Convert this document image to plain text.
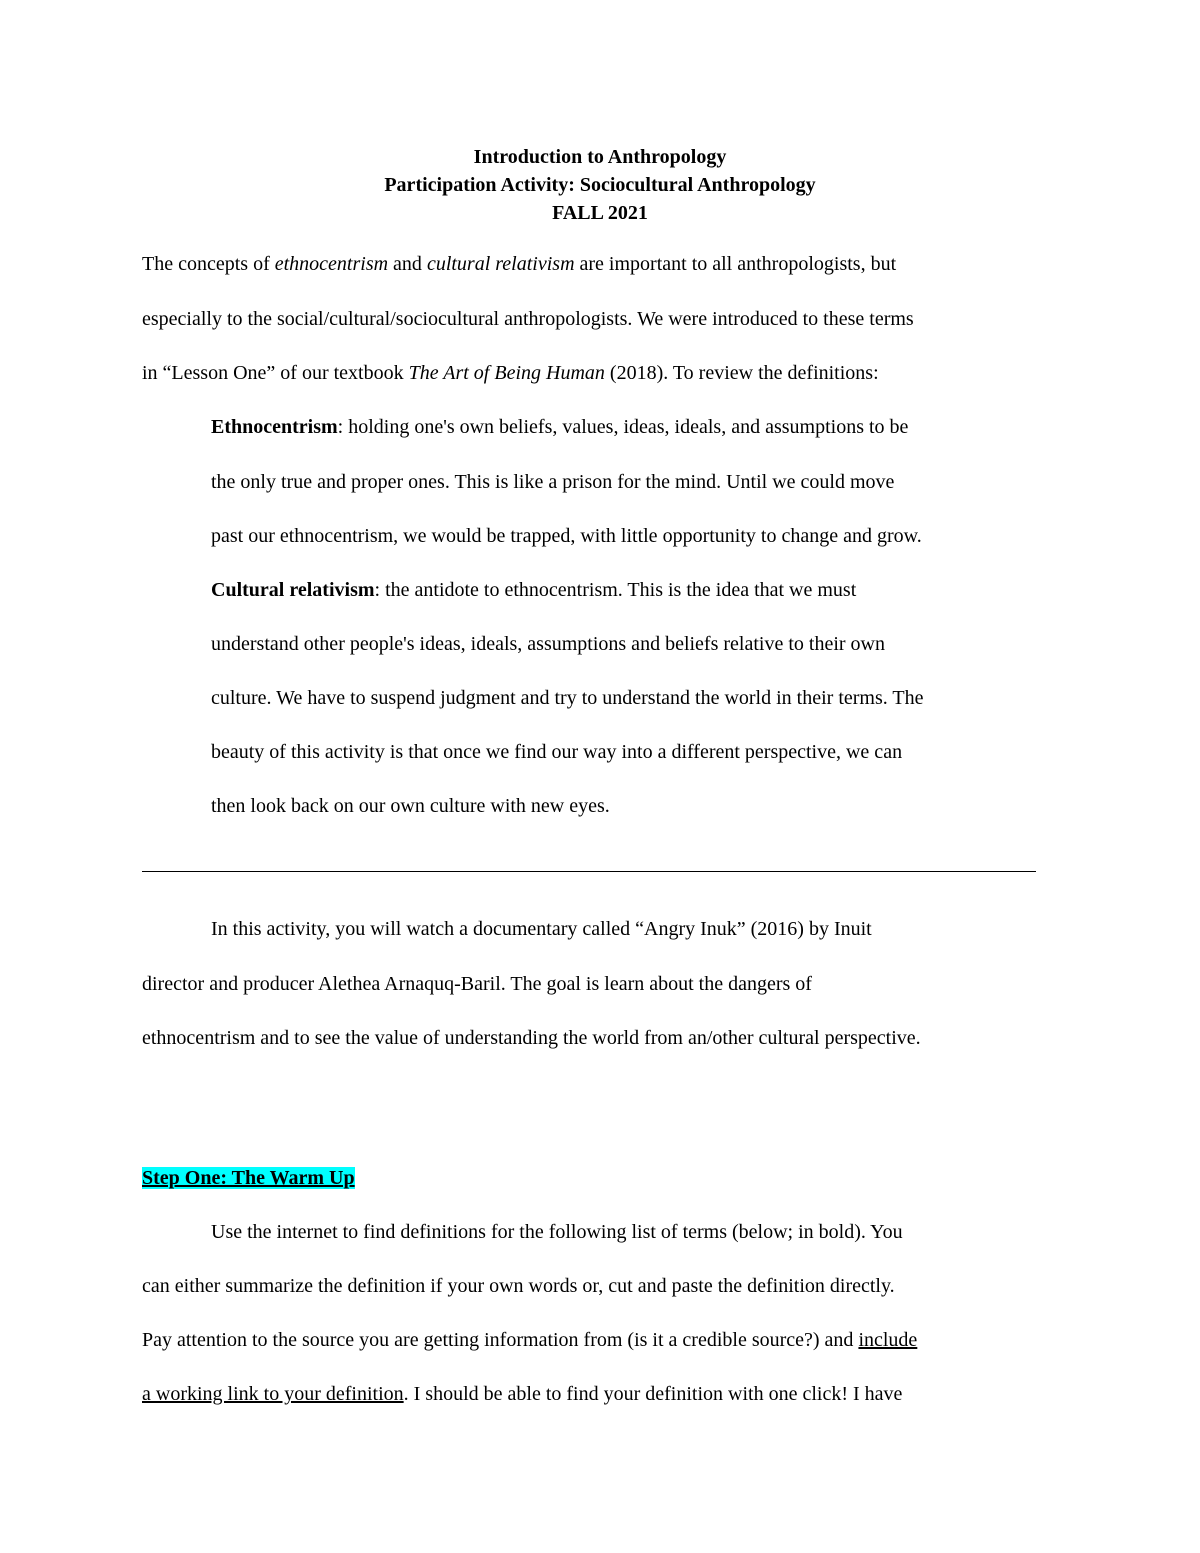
Introduction to Anthropology
Participation Activity: Sociocultural Anthropology
FALL 2021
The concepts of ethnocentrism and cultural relativism are important to all anthropologists, but
especially to the social/cultural/sociocultural anthropologists. We were introduced to these terms
in “Lesson One” of our textbook The Art of Being Human (2018). To review the definitions:
Ethnocentrism: holding one's own beliefs, values, ideas, ideals, and assumptions to be
the only true and proper ones. This is like a prison for the mind. Until we could move
past our ethnocentrism, we would be trapped, with little opportunity to change and grow.
Cultural relativism: the antidote to ethnocentrism. This is the idea that we must
understand other people's ideas, ideals, assumptions and beliefs relative to their own
culture. We have to suspend judgment and try to understand the world in their terms. The
beauty of this activity is that once we find our way into a different perspective, we can
then look back on our own culture with new eyes.
In this activity, you will watch a documentary called “Angry Inuk” (2016) by Inuit
director and producer Alethea Arnaquq-Baril. The goal is learn about the dangers of
ethnocentrism and to see the value of understanding the world from an/other cultural perspective.
Step One: The Warm Up
Use the internet to find definitions for the following list of terms (below; in bold). You
can either summarize the definition if your own words or, cut and paste the definition directly.
Pay attention to the source you are getting information from (is it a credible source?) and include
a working link to your definition. I should be able to find your definition with one click! I have
